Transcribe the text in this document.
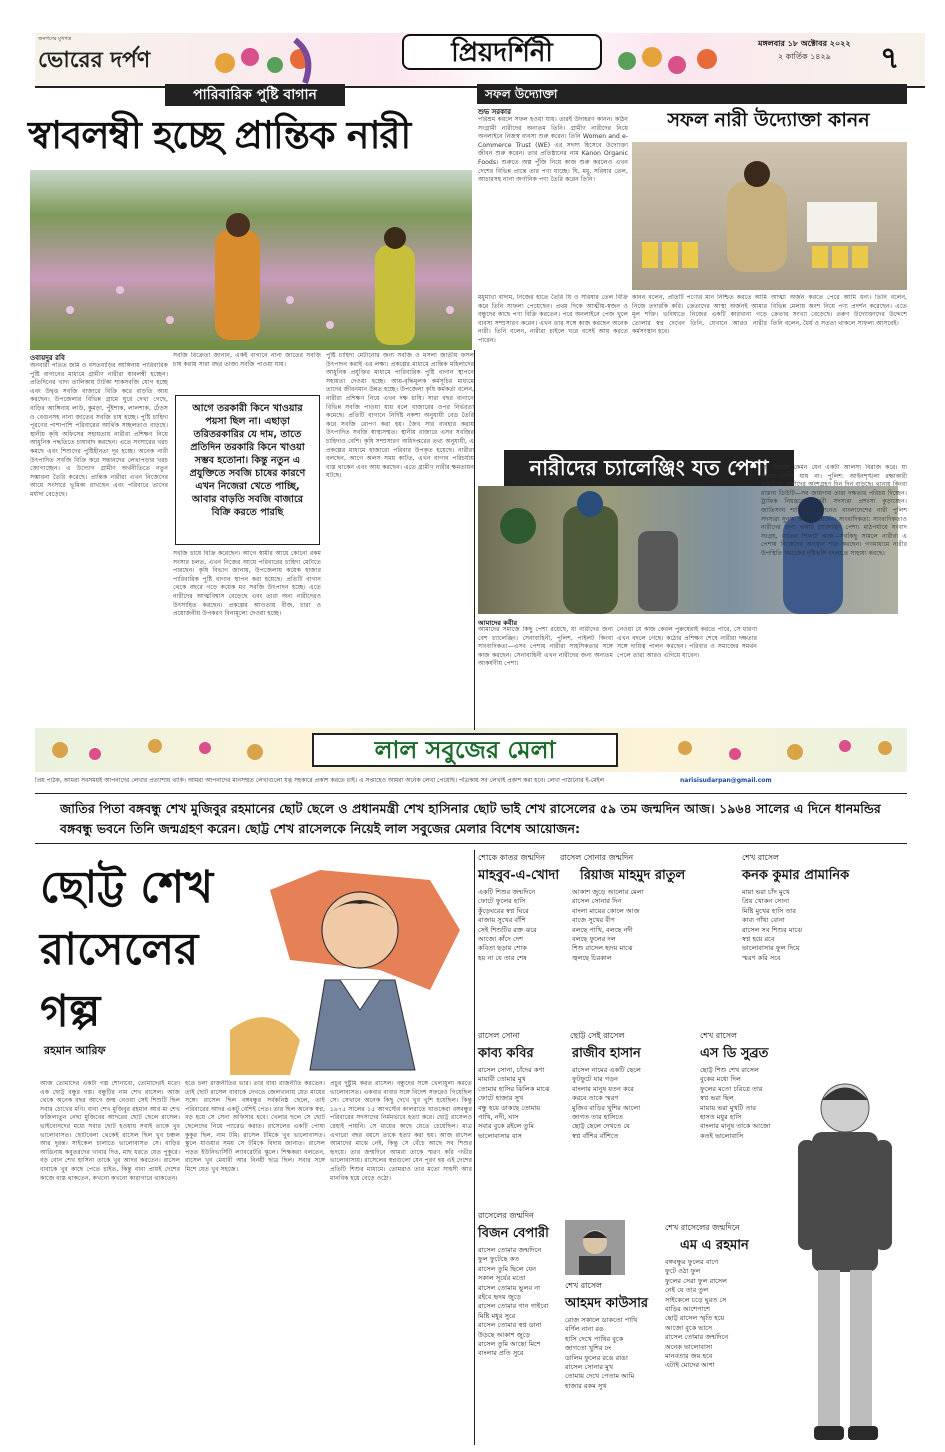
জনগণের মুখপত্র
ভোরের দর্পণ	প্রিয়দর্শিনী	মঙ্গলবার ১৮ অক্টোবর ২০২২
২ কার্তিক ১৪২৯ ৭
পারিবারিক পুষ্টি বাগান
স্বাবলম্বী হচ্ছে প্রান্তিক নারী
ওবায়দুর রবি
অনবারী পতিত জমি ও বসতবাড়ির আঙ্গিনায় পারিবারিক পুষ্টি বাগানের মাধ্যমে গ্রামীণ নারীরা স্বাবলম্বী হচ্ছেন। প্রতিদিনের খাদ্য তালিকায় টাটকা শাকসবজি যোগ হচ্ছে এবং উদ্বৃত্ত সবজি বাজারে বিক্রি করে বাড়তি আয় করছেন। উপজেলার বিভিন্ন গ্রামে ঘুরে দেখা গেছে, বাড়ির আঙ্গিনায় লাউ, কুমড়া, পুঁইশাক, লালশাক, ঢেঁড়স ও বেগুনসহ নানা জাতের সবজি চাষ হচ্ছে। পুষ্টি চাহিদা পূরণের পাশাপাশি পরিবারের আর্থিক সচ্ছলতাও বাড়ছে। স্থানীয় কৃষি অফিসের সহায়তায় নারীরা প্রশিক্ষণ নিয়ে আধুনিক পদ্ধতিতে চাষাবাদ করছেন। এতে সংসারের খরচ কমছে এবং শিশুদের পুষ্টিহীনতা দূর হচ্ছে। অনেক নারী উৎপাদিত সবজি বিক্রি করে সন্তানদের লেখাপড়ার খরচ জোগাচ্ছেন। এ উদ্যোগ গ্রামীণ অর্থনীতিতে নতুন সম্ভাবনা তৈরি করেছে। প্রান্তিক নারীরা এখন নিজেদের আয়ে সংসারে ভূমিকা রাখছেন এবং পরিবারে তাদের মর্যাদা বেড়েছে।
সবজি বিক্রেতা জানান, একই বাগানে নানা জাতের সবজি চাষ করায় সারা বছর তাজা সবজি পাওয়া যায়।
আগে তরকারী কিনে খাওয়ার পয়সা ছিল না। এছাড়া তরিতরকারির যে দাম, তাতে প্রতিদিন তরকারি কিনে খাওয়া সম্ভব হতোনা। কিন্তু নতুন এ প্রযুক্তিতে সবজি চাষের কারণে এখন নিজেরা খেতে পাচ্ছি, আবার বাড়তি সবজি বাজারে বিক্রি করতে পারছি
সবজি চাষে বিক্রি করেছেন। আগে স্বামীর আয়ে কোনো রকম সংসার চলত, এখন নিজের আয়ে পরিবারের চাহিদা মেটাতে পারছেন। কৃষি বিভাগ জানায়, উপজেলায় কয়েক হাজার পারিবারিক পুষ্টি বাগান স্থাপন করা হয়েছে। প্রতিটি বাগান থেকে বছরে গড়ে কয়েক মণ সবজি উৎপাদন হচ্ছে। এতে নারীদের আত্মবিশ্বাস বেড়েছে এবং তারা অন্য নারীদেরও উৎসাহিত করছেন। প্রকল্পের আওতায় বীজ, চারা ও প্রয়োজনীয় উপকরণ বিনামূল্যে দেওয়া হচ্ছে।
পুষ্টি চাহিদা মেটানোর জন্য সবজি ও মসলা জাতীয় ফসল উৎপাদন করাই এর লক্ষ্য। প্রকল্পের মাধ্যমে প্রান্তিক মহিলাদের আধুনিক প্রযুক্তির মাধ্যমে পারিবারিক পুষ্টি বাগান স্থাপনে সহায়তা দেওয়া হচ্ছে। আয়-বৃদ্ধিমূলক কর্মসূচির মাধ্যমে তাদের জীবনমান উন্নত হচ্ছে। উপজেলা কৃষি কর্মকর্তা বলেন, নারীরা প্রশিক্ষণ নিয়ে এখন দক্ষ চাষি। সারা বছর বাগানে বিভিন্ন সবজি পাওয়া যায় বলে বাজারের ওপর নির্ভরতা কমেছে। প্রতিটি বাগানে নির্দিষ্ট নকশা অনুযায়ী বেড তৈরি করে সবজি রোপণ করা হয়। জৈব সার ব্যবহার করায় উৎপাদিত সবজি স্বাস্থ্যসম্মত। স্থানীয় বাজারে এসব সবজির চাহিদাও বেশি। কৃষি সম্প্রসারণ অধিদপ্তরের তথ্য অনুযায়ী, এ প্রকল্পের মাধ্যমে হাজারো পরিবার উপকৃত হয়েছে। নারীরা বলছেন, আগে অলস সময় কাটত, এখন বাগান পরিচর্যায় ব্যস্ত থাকেন এবং আয় করছেন। এতে গ্রামীণ নারীর ক্ষমতায়ন ঘটছে।
সফল উদ্যোক্তা
শুভ সরকার
পরিশ্রম করলে সফল হওয়া যায়। তারই উদাহরণ কানন। কঠিন সংগ্রামী নারীদের অন্যতম তিনি। গ্রামীণ নারীদের নিয়ে অনলাইনে নিজস্ব ব্যবসা শুরু করেন। তিনি Women and e-Commerce Trust (WE) এর সদস্য হিসেবে উদ্যোক্তা জীবন শুরু করেন। তার প্রতিষ্ঠানের নাম Kanon Organic Foods। শুরুতে অল্প পুঁজি নিয়ে কাজ শুরু করলেও এখন দেশের বিভিন্ন প্রান্তে তার পণ্য যাচ্ছে। ঘি, মধু, সরিষার তেল, আচারসহ নানা অর্গানিক পণ্য তৈরি করেন তিনি।
সফল নারী উদ্যোক্তা কানন
মধুমাখা বাদাম, নিজের হাতে তৈরি ঘি ও সরিষার তেল বিক্রি করে তিনি সাফল্য পেয়েছেন। প্রথম দিকে আত্মীয়-স্বজন ও বন্ধুদের কাছে পণ্য বিক্রি করতেন। পরে অনলাইনে পেজ খুলে ব্যবসা সম্প্রসারণ করেন। এখন তার সঙ্গে কাজ করছেন অনেক নারী। তিনি বলেন, নারীরা চাইলে ঘরে বসেই আয় করতে পারেন।
কানন বলেন, প্রতিটি পণ্যের মান নিশ্চিত করতে আমি নিজে তদারকি করি। ক্রেতাদের আস্থা অর্জনই আমার মূল শক্তি। ভবিষ্যতে নিজের একটি কারখানা গড়ে তোলার স্বপ্ন দেখেন তিনি, যেখানে আরও নারীর কর্মসংস্থান হবে।
আত্মা অর্জন করতে পেরে আমি ধন্য। তিনি বলেন, বিভিন্ন মেলায় অংশ নিয়ে পণ্য প্রদর্শন করেছেন। এতে ক্রেতার সংখ্যা বেড়েছে। তরুণ উদ্যোক্তাদের উদ্দেশে তিনি বলেন, ধৈর্য ও সততা থাকলে সাফল্য আসবেই।
নারীদের চ্যালেঞ্জিং যত পেশা
আমাদের কবীর
আমাদের সমাজে কিছু পেশা রয়েছে, যা নারীদের জন্য বেশ চ্যালেঞ্জিং। সেনাবাহিনী, পুলিশ, পাইলট কিংবা সাংবাদিকতা—এসব পেশায় নারীরা সাহসিকতার সঙ্গে কাজ করছেন। সেনাবাহিনী এখন নারীদের জন্য অন্যতম আকর্ষণীয় পেশা।
নেওয়া যে কাজ কেবল পুরুষেরাই করতে পারে, সে ধারণা এখন বদলে গেছে। কঠোর প্রশিক্ষণ শেষে নারীরা দক্ষতার সঙ্গে দায়িত্ব পালন করছেন। পরিবার ও সমাজের সমর্থন পেলে তারা আরও এগিয়ে যাবেন।
না। এখানে কেমন যেন একটা আলস্য বিরাজ করে। যা সহজে দেখা যায় না। পুলিশ: আইনশৃঙ্খলা রক্ষাকারী বাহিনীতে নারীদের অংশগ্রহণ দিন দিন বাড়ছে। থানায় কিংবা রাস্তায় ডিউটি—সব জায়গায় তারা দক্ষতার পরিচয় দিচ্ছেন। ট্রাফিক নিয়ন্ত্রণেও নারী সদস্যরা প্রশংসা কুড়াচ্ছেন। জাতিসংঘ শান্তিরক্ষা মিশনেও বাংলাদেশের নারী পুলিশ সদস্যরা সুনাম অর্জন করেছেন। সাংবাদিকতা: সাংবাদিকতাও নারীদের জন্য একটি চ্যালেঞ্জিং পেশা। মাঠপর্যায়ে সংবাদ সংগ্রহ, রাতের শিফটে কাজ—সবকিছু সামলে নারীরা এ পেশায় নিজেদের অবস্থান শক্ত করছেন। গণমাধ্যমে নারীর উপস্থিতি সমাজের দৃষ্টিভঙ্গি বদলাতে সাহায্য করছে।
লাল সবুজের মেলা
প্রিয় পাঠক, আমরা সবসময়ই আপনাদের লেখার প্রত্যাশায় থাকি। আমরা আপনাদের মানসম্মত লেখাগুলো যত্ন সহকারে প্রকাশ করতে চাই। এ সপ্তাহেও আমরা অনেক লেখা পেয়েছি। পত্রিকায় সব লেখাই প্রকাশ করা হবে। লেখা পাঠানোর ই-মেইল	narisisudarpan@gmail.com
জাতির পিতা বঙ্গবন্ধু শেখ মুজিবুর রহমানের ছোট ছেলে ও প্রধানমন্ত্রী শেখ হাসিনার ছোট ভাই শেখ রাসেলের ৫৯ তম জন্মদিন আজ। ১৯৬৪ সালের এ দিনে ধানমন্ডির বঙ্গবন্ধু ভবনে তিনি জন্মগ্রহণ করেন। ছোট্ট শেখ রাসেলকে নিয়েই লাল সবুজের মেলার বিশেষ আয়োজন:
ছোট্ট শেখ
রাসেলের
গল্প
রহমান আরিফ
আজ তোমাদের একটা গল্প শোনাবো, তোমাদেরই মতো এক ছোট্ট বন্ধুর গল্প। বন্ধুটির নাম শেখ রাসেল। আজ থেকে অনেক বছর আগে জন্ম নেওয়া সেই শিশুটি ছিল সবার চোখের মণি। বাবা শেখ মুজিবুর রহমান আর মা শেখ ফজিলাতুন নেছা মুজিবের আদরের ছোট ছেলে রাসেল। ভাইবোনদের মধ্যে সবার ছোট হওয়ায় সবাই তাকে খুব ভালোবাসত। ছোটবেলা থেকেই রাসেল ছিল খুব চঞ্চল আর দুরন্ত। সাইকেল চালাতে ভালোবাসত সে। বাড়ির আঙিনায় কবুতরদের খাবার দিত, মাছ ধরতে যেত পুকুরে। বড় বোন শেখ হাসিনা তাকে খুব আদর করতেন। রাসেল বাবাকে খুব কাছে পেতে চাইত, কিন্তু বাবা প্রায়ই দেশের কাজে ব্যস্ত থাকতেন, কখনো কখনো কারাগারে থাকতেন।
হতে চলা রাজনীতির ভার। তার বাবা রাজনীতি করতেন। তাই ছোট রাসেল বাবাকে দেখতে জেলখানায় যেত মায়ের সঙ্গে। রাসেল ছিল বঙ্গবন্ধুর সর্বকনিষ্ঠ ছেলে, তাই পরিবারের আদর একটু বেশিই পেত। তার ছিল অনেক স্বপ্ন, বড় হয়ে সে সেনা অফিসার হবে। খেলার ছলে সে ছোট ছেলেদের নিয়ে প্যারেড করাত। রাসেলের একটি পোষা কুকুর ছিল, নাম টমি। রাসেল টমিকে খুব ভালোবাসত। স্কুলে যাওয়ার সময় সে টমিকে বিদায় জানাত। রাসেল পড়ত ইউনিভার্সিটি ল্যাবরেটরি স্কুলে। শিক্ষকরা বলতেন, রাসেল খুব মেধাবী আর বিনয়ী ছাত্র ছিল। সবার সঙ্গে মিশে যেত খুব সহজে।
প্রচুর দুষ্টুমি করত রাসেল। বন্ধুদের সঙ্গে খেলাধুলা করতে ভালোবাসত। একবার বাবার সঙ্গে বিদেশ সফরেও গিয়েছিল সে। সেখানে অনেক কিছু দেখে খুব খুশি হয়েছিল। কিন্তু ১৯৭৫ সালের ১৫ আগস্টের কালরাতে ঘাতকেরা বঙ্গবন্ধুর পরিবারের সদস্যদের নির্মমভাবে হত্যা করে। ছোট্ট রাসেলও রেহাই পায়নি। সে মায়ের কাছে যেতে চেয়েছিল। মাত্র এগারো বছর বয়সে তাকে হত্যা করা হয়। আজ রাসেল আমাদের মাঝে নেই, কিন্তু সে বেঁচে আছে সব শিশুর হৃদয়ে। তার জন্মদিনে আমরা তাকে স্মরণ করি গভীর ভালোবাসায়। রাসেলের স্বপ্নগুলো যেন পূরণ হয় এই দেশের প্রতিটি শিশুর মাধ্যমে। তোমরাও তার মতো সাহসী আর মানবিক হয়ে বেড়ে ওঠো।
শোকে কাতর জন্মদিন
মাহবুব-এ-খোদা
একটি শিশুর জন্মদিনে
ফোটে ফুলের হাসি
কুঁড়েঘরের স্বপ্ন ঘিরে
বাজায় সুখের বাঁশি
সেই শিশুটির রক্ত ঝরে
আজো কাঁদে দেশ
কবিতা ছড়ায় শোক
হয় না যে তার শেষ
রাসেল সোনার জন্মদিন
রিয়াজ মাহমুদ রাতুল
আকাশ জুড়ে আলোর মেলা
রাসেল সোনার দিন
বাংলা মায়ের কোলে আজ
বাজে সুখের বীণ
বলছে পাখি, বলছে নদী
বলছে ফুলের দল
শিশু রাসেল হৃদয় মাঝে
জ্বলছে চিরকাল
শেখ রাসেল
কনক কুমার প্রামানিক
মায়া ভরা চাঁদ মুখে
প্রিয় খোকন সোনা
মিষ্টি মুখের হাসি তার
কাব্য গাঁথা বোনা
রাসেল সব শিশুর মাঝে
স্বপ্ন হয়ে রবে
ভালোবাসার ফুল দিয়ে
স্মরণ করি সবে
রাসেল সোনা
কাব্য কবির
রাসেল সোনা, চাঁদের কণা
মায়াবী তোমার মুখ
তোমার হাসির ঝিলিক মাঝে
ফোটে হাজার সুখ
বন্ধু হয়ে ডাকছে তোমায়
পাখি, নদী, ঘাস
সবার বুকে রইলে তুমি
ভালোবাসার বাস
ছোট্ট সেই রাসেল
রাজীব হাসান
রাসেল নামের একটি ছেলে
ফুটফুটে যার গড়ন
বাংলার মানুষ যতন করে
করবে তাকে স্মরণ
মুজিব বাড়ির খুশির আলো
জাগত তার হাসিতে
ছোট্ট ছেলে দেখতে যে
স্বপ্ন বাঁশির বাঁশিতে
শেখ রাসেল
এস ডি সুব্রত
ছোট্ট শিশু শেখ রাসেল
বুকের মধ্যে দিল
ফুলের মতো চরিত্রে তার
স্বপ্ন ভরা ছিল
মায়ায় ভরা মুখটি তার
হাসত মধুর হাসি
বাংলার মানুষ তাকে আজো
কতই ভালোবাসি
রাসেলের জন্মদিন
বিজন বেপারী
রাসেল তোমার জন্মদিনে
ফুল ফুটেছে কত
রাসেল তুমি ছিলে যেন
সকাল সূর্যের মতো
রাসেল তোমায় ভুলব না
রইবে হৃদয় জুড়ে
রাসেল তোমার গান গাইবো
মিষ্টি মধুর সুরে
রাসেল তোমার স্বপ্ন ডানা
উড়ছে আকাশ জুড়ে
রাসেল তুমি আছো মিশে
বাংলার প্রতি সুরে
শেখ রাসেল
আহমদ কাউসার
রোজ সকালে ডাকতো পাখি
বর্ণিল নানা রঙ
হাসি দেখে পাখির বুকে
জাগতো খুশির ঢং
ডালিম ফুলের রঙে রাঙা
রাসেল সোনার মুখ
তোমায় দেখে পেতাম আমি
হাজার রকম সুখ
শেখ রাসেলের জন্মদিনে
এম এ রহমান
বঙ্গবন্ধুর ফুলের বাগে
ফুটে ওঠা ফুল
ফুলের সেরা ফুল রাসেল
নেই যে তার তুল
সাইকেলে চড়ে ঘুরত সে
বাড়ির আশেপাশে
ছোট্ট রাসেল স্মৃতি হয়ে
আজো বুকে ভাসে
রাসেল তোমার জন্মদিনে
অনেক ভালোবাসা
মানবতার জয় হবে
এটাই মোদের আশা
